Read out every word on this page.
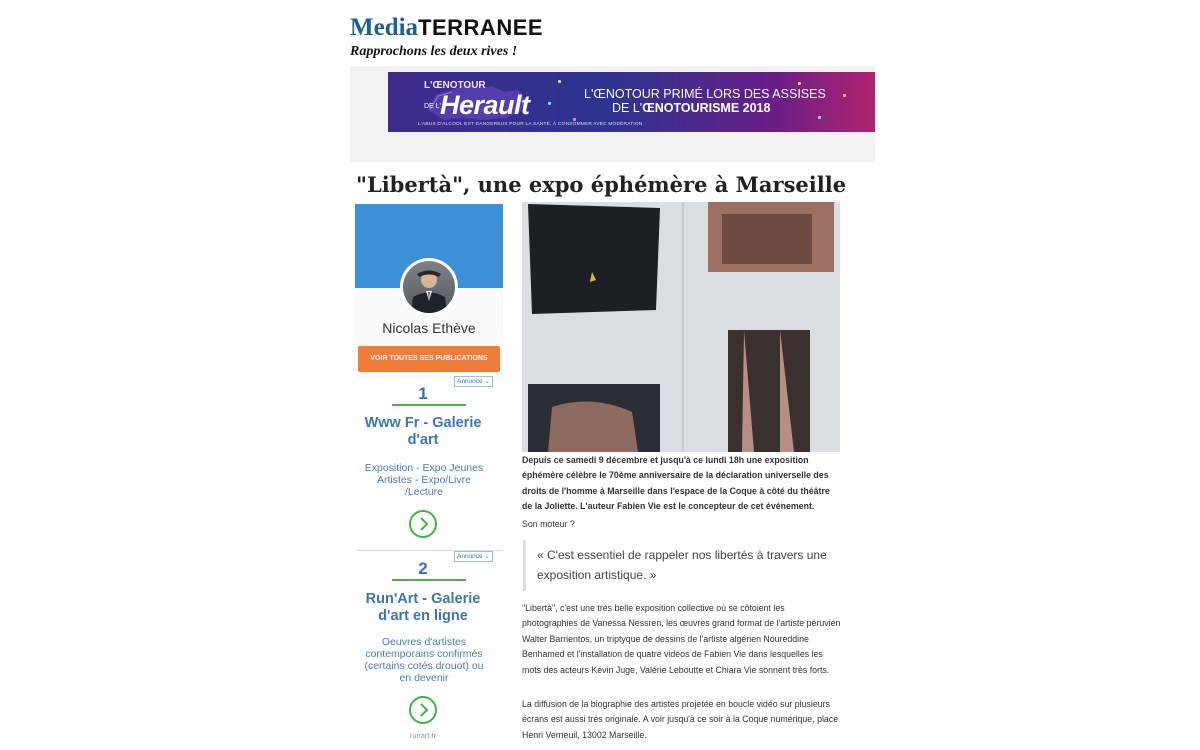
MediaTERRANEE
Rapprochons les deux rives !
L'ŒNOTOUR
DE L' Herault	L'ŒNOTOUR PRIMÉ LORS DES ASSISES
DE L'ŒNOTOURISME 2018
L'ABUS D'ALCOOL EST DANGEREUX POUR LA SANTÉ, À CONSOMMER AVEC MODÉRATION
"Libertà", une expo éphémère à Marseille
Nicolas Ethève
VOIR TOUTES SES PUBLICATIONS
Annonce ⌄
1
Www Fr - Galerie d'art
Exposition - Expo Jeunes Artistes - Expo/Livre /Lecture
Annonce ⌄
2
Run'Art - Galerie d'art en ligne
Oeuvres d'artistes contemporains confirmés (certains cotés drouot) ou en devenir
runart.fr
Depuis ce samedi 9 décembre et jusqu'à ce lundi 18h une exposition éphémère célèbre le 70ème anniversaire de la déclaration universelle des droits de l'homme à Marseille dans l'espace de la Coque à côté du théâtre de la Joliette. L'auteur Fabien Vie est le concepteur de cet événement.
Son moteur ?
« C'est essentiel de rappeler nos libertés à travers une exposition artistique. »
"Libertà", c'est une très belle exposition collective où se côtoient les photographies de Vanessa Nessren, les œuvres grand format de l'artiste péruvien Walter Barrientos, un triptyque de dessins de l'artiste algérien Noureddine Benhamed et l'installation de quatre vidéos de Fabien Vie dans lesquelles les mots des acteurs Kévin Juge, Valérie Leboutte et Chiara Vie sonnent très forts.
La diffusion de la biographie des artistes projetée en boucle vidéo sur plusieurs écrans est aussi très originale. A voir jusqu'à ce soir à la Coque numérique, place Henri Verneuil, 13002 Marseille.
